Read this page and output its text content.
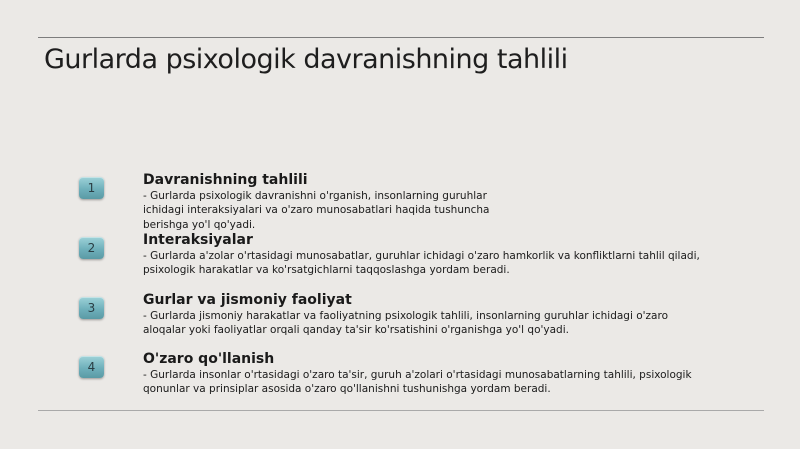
Gurlarda psixologik davranishning tahlili
1	Davranishning tahlili
- Gurlarda psixologik davranishni o'rganish, insonlarning guruhlar
ichidagi interaksiyalari va o'zaro munosabatlari haqida tushuncha
berishga yo'l qo'yadi.
2	Interaksiyalar
- Gurlarda a'zolar o'rtasidagi munosabatlar, guruhlar ichidagi o'zaro hamkorlik va konfliktlarni tahlil qiladi,
psixologik harakatlar va ko'rsatgichlarni taqqoslashga yordam beradi.
3	Gurlar va jismoniy faoliyat
- Gurlarda jismoniy harakatlar va faoliyatning psixologik tahlili, insonlarning guruhlar ichidagi o'zaro
aloqalar yoki faoliyatlar orqali qanday ta'sir ko'rsatishini o'rganishga yo'l qo'yadi.
4	O'zaro qo'llanish
- Gurlarda insonlar o'rtasidagi o'zaro ta'sir, guruh a'zolari o'rtasidagi munosabatlarning tahlili, psixologik
qonunlar va prinsiplar asosida o'zaro qo'llanishni tushunishga yordam beradi.
